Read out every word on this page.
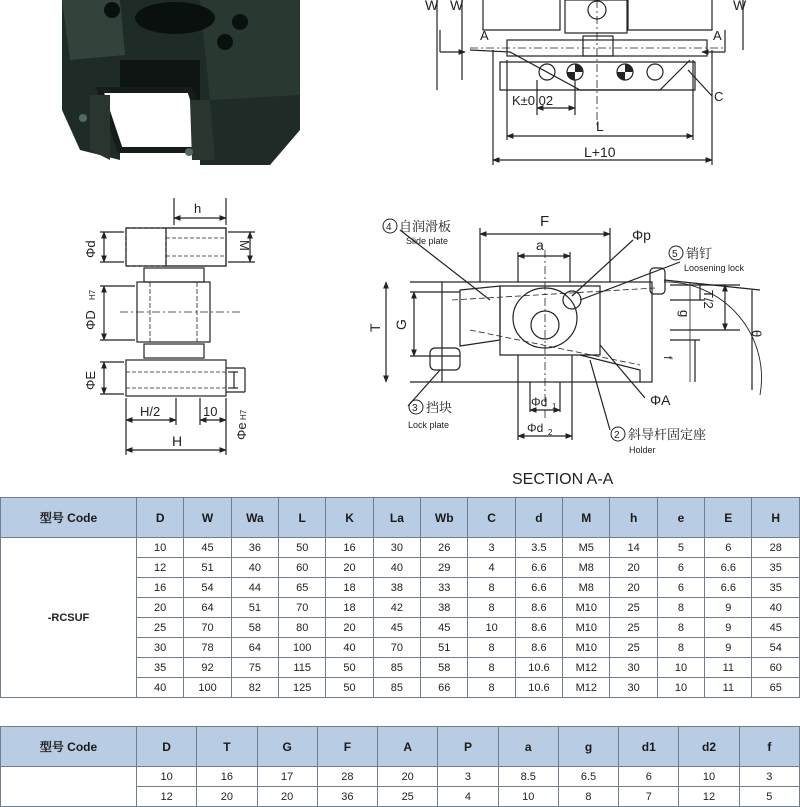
W W	W
A	A
K±0.02
L
L+10
C
h
Φd	M
ΦD
H7
ΦE
H/2	10
Φe
H7
H
F
a
Φp
T G
g
T/2
θ
f
Φd 1
Φd 2
ΦA
4 自润滑板
Slide plate
5 销钉
Loosening lock
3 挡块
Lock plate
2 斜导杆固定座
Holder
SECTION A-A
型号 Code	D	W	Wa	L	K	La	Wb	C	d	M	h	e	E	H
-RCSUF	10	45	36	50	16	30	26	3	3.5	M5	14	5	6	28
	12	51	40	60	20	40	29	4	6.6	M8	20	6	6.6	35
	16	54	44	65	18	38	33	8	6.6	M8	20	6	6.6	35
	20	64	51	70	18	42	38	8	8.6	M10	25	8	9	40
	25	70	58	80	20	45	45	10	8.6	M10	25	8	9	45
	30	78	64	100	40	70	51	8	8.6	M10	25	8	9	54
	35	92	75	115	50	85	58	8	10.6	M12	30	10	11	60
	40	100	82	125	50	85	66	8	10.6	M12	30	10	11	65
型号 Code	D	T	G	F	A	P	a	g	d1	d2	f
	10	16	17	28	20	3	8.5	6.5	6	10	3
	12	20	20	36	25	4	10	8	7	12	5
